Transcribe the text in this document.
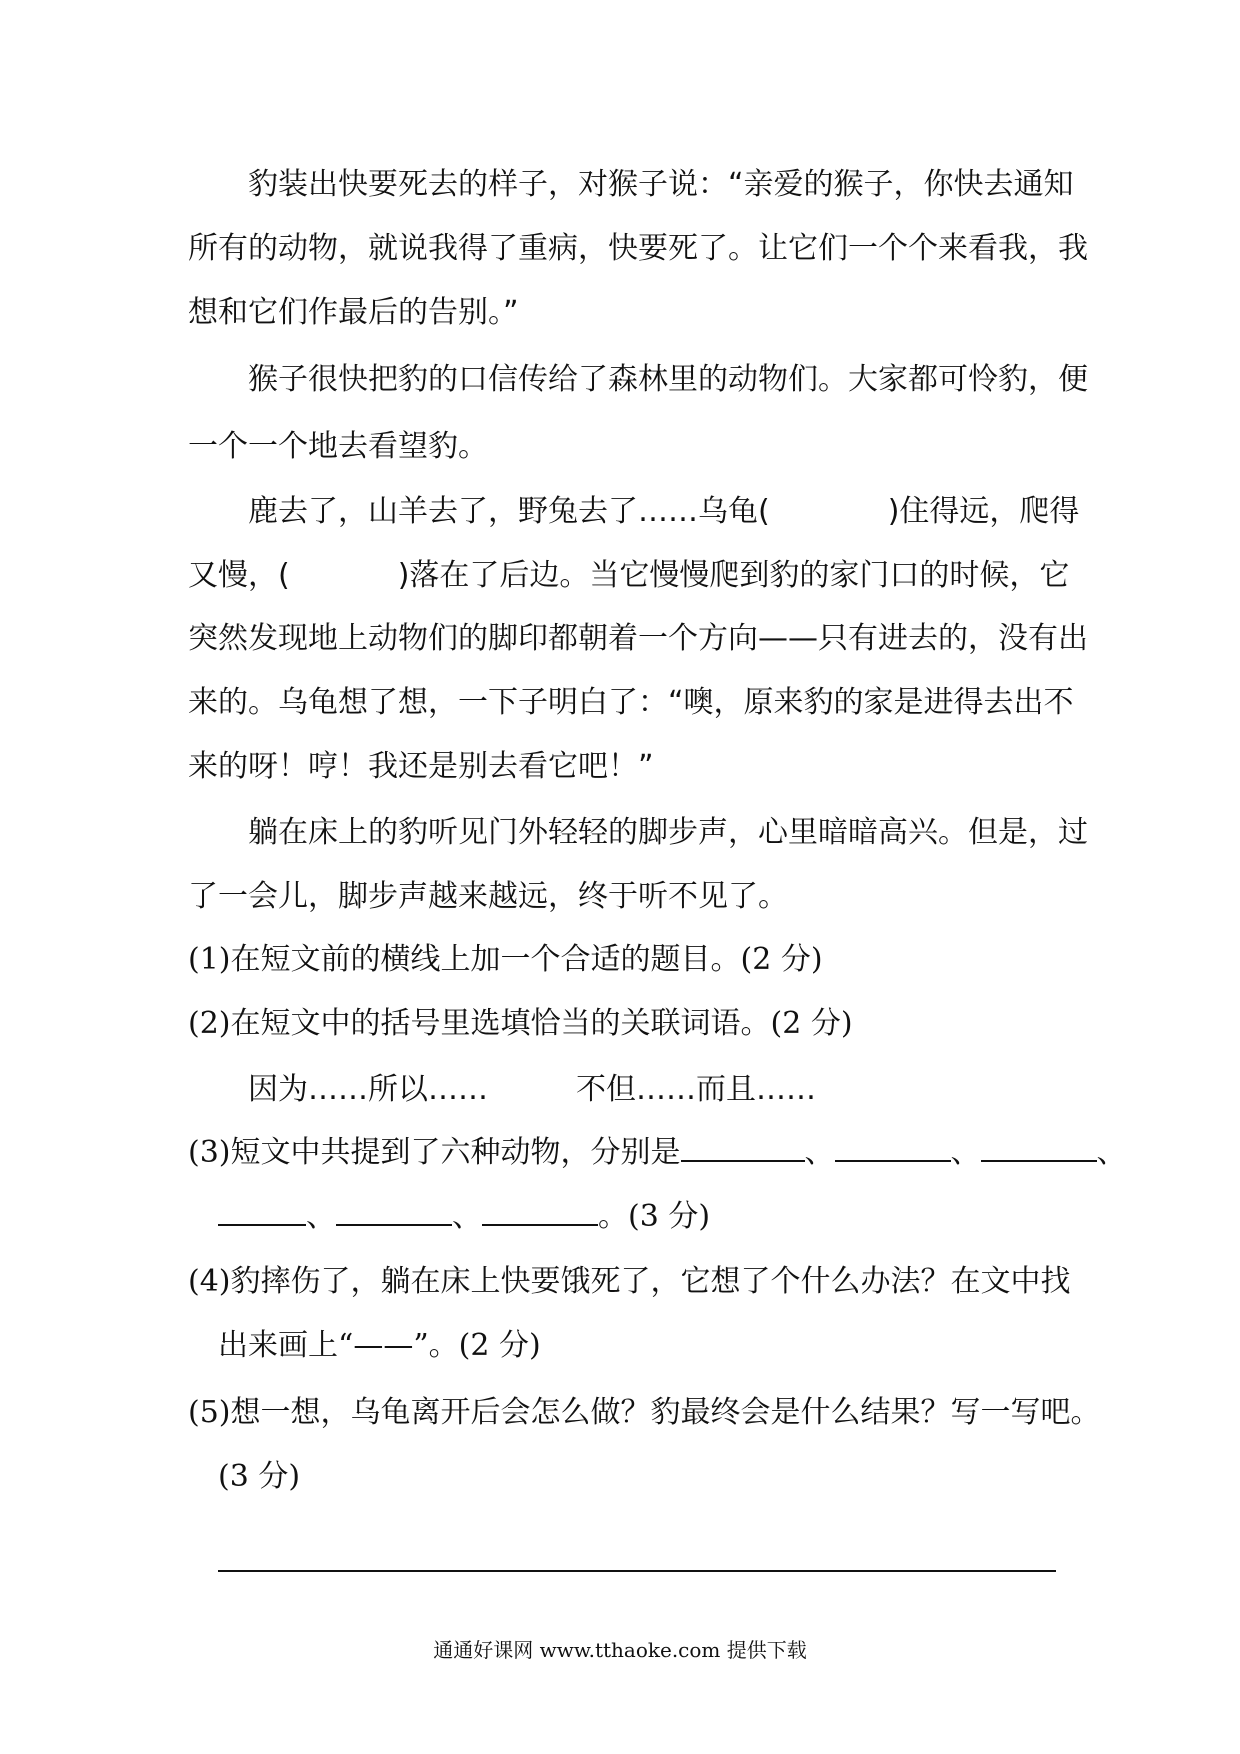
豹装出快要死去的样子，对猴子说：“亲爱的猴子，你快去通知
所有的动物，就说我得了重病，快要死了。让它们一个个来看我，我
想和它们作最后的告别。”
猴子很快把豹的口信传给了森林里的动物们。大家都可怜豹，便
一个一个地去看望豹。
鹿去了，山羊去了，野兔去了……乌龟(	)住得远，爬得
又慢，(	)落在了后边。当它慢慢爬到豹的家门口的时候，它
突然发现地上动物们的脚印都朝着一个方向——只有进去的，没有出
来的。乌龟想了想，一下子明白了：“噢，原来豹的家是进得去出不
来的呀！哼！我还是别去看它吧！”
躺在床上的豹听见门外轻轻的脚步声，心里暗暗高兴。但是，过
了一会儿，脚步声越来越远，终于听不见了。
(1)在短文前的横线上加一个合适的题目。(2 分)
(2)在短文中的括号里选填恰当的关联词语。(2 分)
因为……所以……	不但……而且……
(3)短文中共提到了六种动物，分别是	、	、	、
、	、	。(3 分)
(4)豹摔伤了，躺在床上快要饿死了，它想了个什么办法？在文中找
出来画上“——”。(2 分)
(5)想一想，乌龟离开后会怎么做？豹最终会是什么结果？写一写吧。
(3 分)
通通好课网 www.tthaoke.com 提供下载
